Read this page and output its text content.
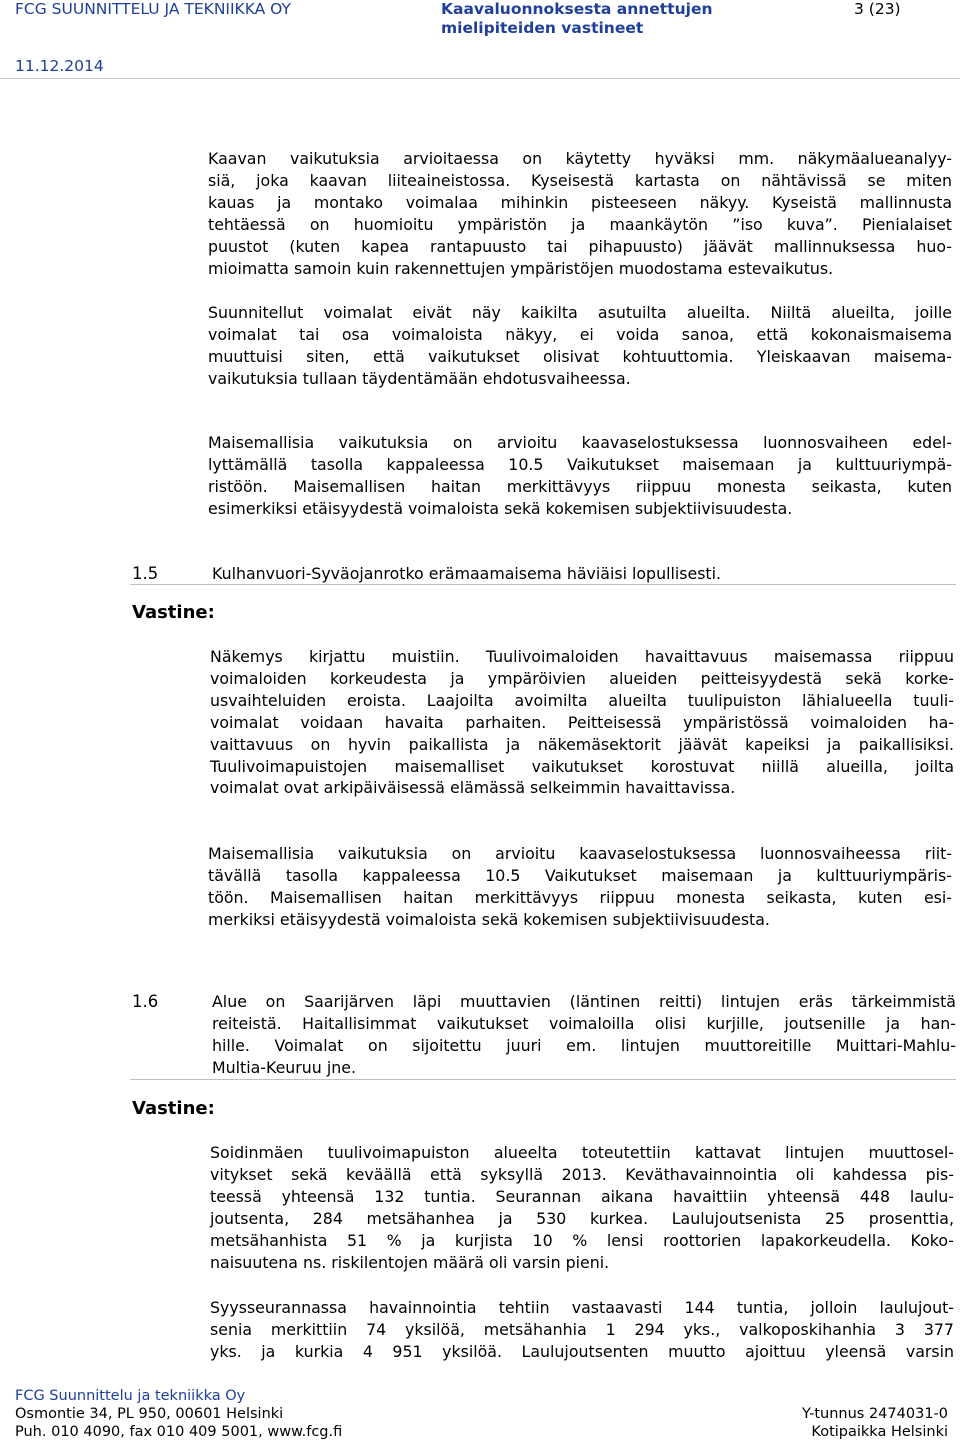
FCG SUUNNITTELU JA TEKNIIKKA OY	Kaavaluonnoksesta annettujen
mielipiteiden vastineet
3 (23)
11.12.2014
Kaavan vaikutuksia arvioitaessa on käytetty hyväksi mm. näkymäalueanalyy-
siä, joka kaavan liiteaineistossa. Kyseisestä kartasta on nähtävissä se miten
kauas ja montako voimalaa mihinkin pisteeseen näkyy. Kyseistä mallinnusta
tehtäessä on huomioitu ympäristön ja maankäytön ”iso kuva”. Pienialaiset
puustot (kuten kapea rantapuusto tai pihapuusto) jäävät mallinnuksessa huo-
mioimatta samoin kuin rakennettujen ympäristöjen muodostama estevaikutus.
Suunnitellut voimalat eivät näy kaikilta asutuilta alueilta. Niiltä alueilta, joille
voimalat tai osa voimaloista näkyy, ei voida sanoa, että kokonaismaisema
muuttuisi siten, että vaikutukset olisivat kohtuuttomia. Yleiskaavan maisema-
vaikutuksia tullaan täydentämään ehdotusvaiheessa.
Maisemallisia vaikutuksia on arvioitu kaavaselostuksessa luonnosvaiheen edel-
lyttämällä tasolla kappaleessa 10.5 Vaikutukset maisemaan ja kulttuuriympä-
ristöön. Maisemallisen haitan merkittävyys riippuu monesta seikasta, kuten
esimerkiksi etäisyydestä voimaloista sekä kokemisen subjektiivisuudesta.
1.5	Kulhanvuori-Syväojanrotko erämaamaisema häviäisi lopullisesti.
Vastine:
Näkemys kirjattu muistiin. Tuulivoimaloiden havaittavuus maisemassa riippuu
voimaloiden korkeudesta ja ympäröivien alueiden peitteisyydestä sekä korke-
usvaihteluiden eroista. Laajoilta avoimilta alueilta tuulipuiston lähialueella tuuli-
voimalat voidaan havaita parhaiten. Peitteisessä ympäristössä voimaloiden ha-
vaittavuus on hyvin paikallista ja näkemäsektorit jäävät kapeiksi ja paikallisiksi.
Tuulivoimapuistojen maisemalliset vaikutukset korostuvat niillä alueilla, joilta
voimalat ovat arkipäiväisessä elämässä selkeimmin havaittavissa.
Maisemallisia vaikutuksia on arvioitu kaavaselostuksessa luonnosvaiheessa riit-
tävällä tasolla kappaleessa 10.5 Vaikutukset maisemaan ja kulttuuriympäris-
töön. Maisemallisen haitan merkittävyys riippuu monesta seikasta, kuten esi-
merkiksi etäisyydestä voimaloista sekä kokemisen subjektiivisuudesta.
1.6	Alue on Saarijärven läpi muuttavien (läntinen reitti) lintujen eräs tärkeimmistä
reiteistä. Haitallisimmat vaikutukset voimaloilla olisi kurjille, joutsenille ja han-
hille. Voimalat on sijoitettu juuri em. lintujen muuttoreitille Muittari-Mahlu-
Multia-Keuruu jne.
Vastine:
Soidinmäen tuulivoimapuiston alueelta toteutettiin kattavat lintujen muuttosel-
vitykset sekä keväällä että syksyllä 2013. Keväthavainnointia oli kahdessa pis-
teessä yhteensä 132 tuntia. Seurannan aikana havaittiin yhteensä 448 laulu-
joutsenta, 284 metsähanhea ja 530 kurkea. Laulujoutsenista 25 prosenttia,
metsähanhista 51 % ja kurjista 10 % lensi roottorien lapakorkeudella. Koko-
naisuutena ns. riskilentojen määrä oli varsin pieni.
Syysseurannassa havainnointia tehtiin vastaavasti 144 tuntia, jolloin laulujout-
senia merkittiin 74 yksilöä, metsähanhia 1 294 yks., valkoposkihanhia 3 377
yks. ja kurkia 4 951 yksilöä. Laulujoutsenten muutto ajoittuu yleensä varsin
FCG Suunnittelu ja tekniikka Oy
Osmontie 34, PL 950, 00601 Helsinki
Puh. 010 4090, fax 010 409 5001, www.fcg.fi
Y-tunnus 2474031-0
Kotipaikka Helsinki
